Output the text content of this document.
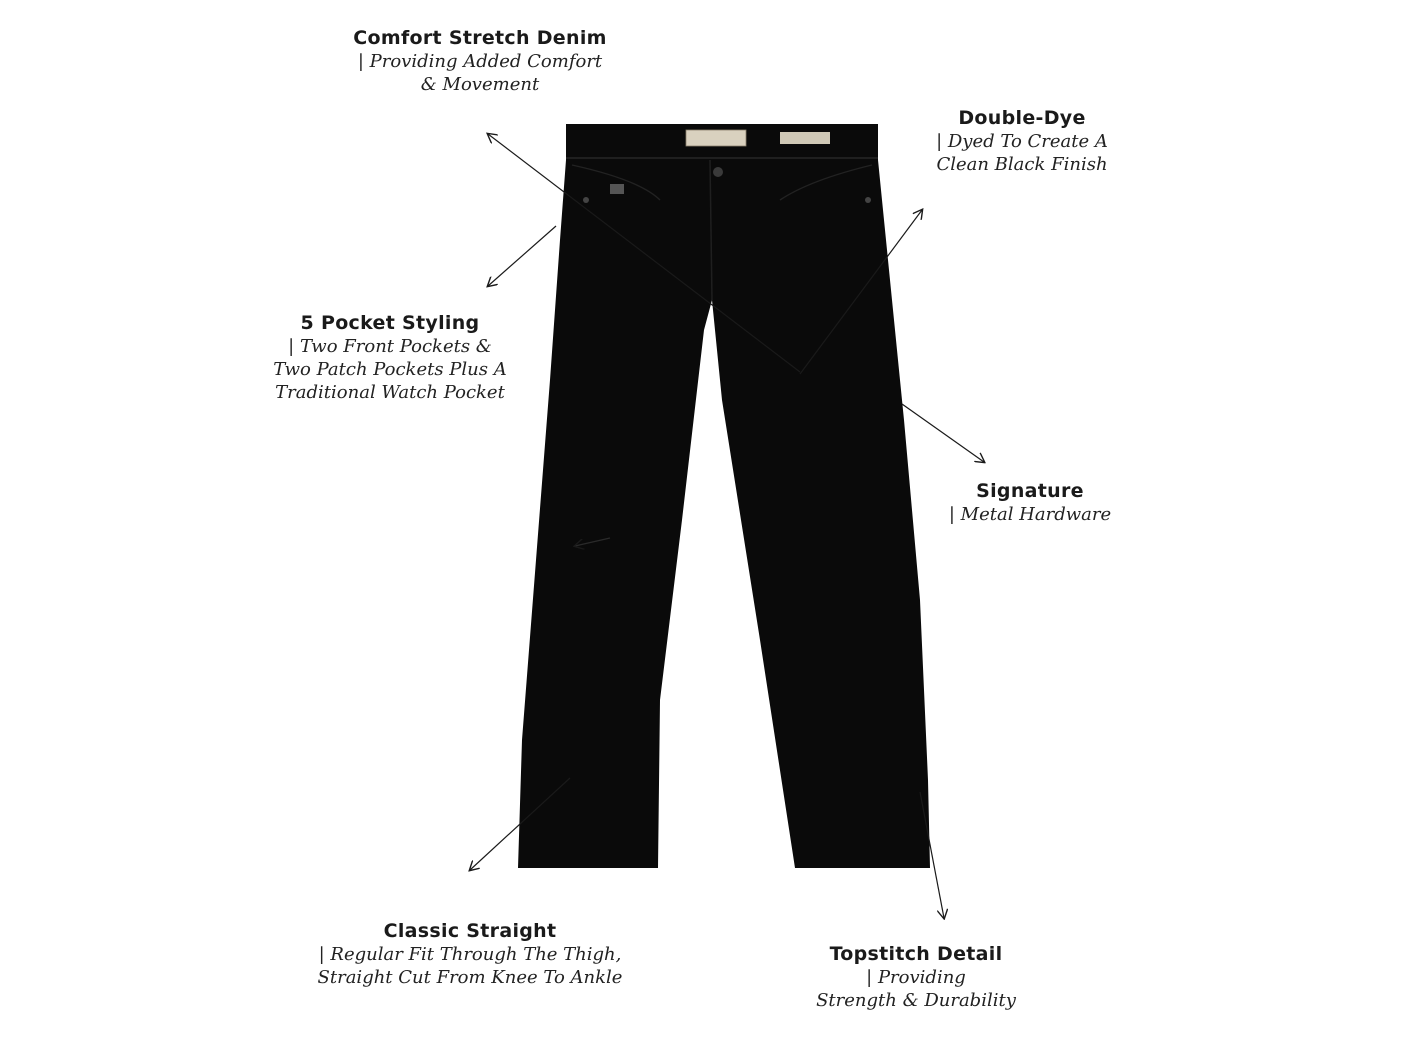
Comfort Stretch Denim
| Providing Added Comfort
& Movement
Double-Dye
| Dyed To Create A
Clean Black Finish
5 Pocket Styling
| Two Front Pockets &
Two Patch Pockets Plus A
Traditional Watch Pocket
Signature
| Metal Hardware
Classic Straight
| Regular Fit Through The Thigh,
Straight Cut From Knee To Ankle
Topstitch Detail
| Providing
Strength & Durability
